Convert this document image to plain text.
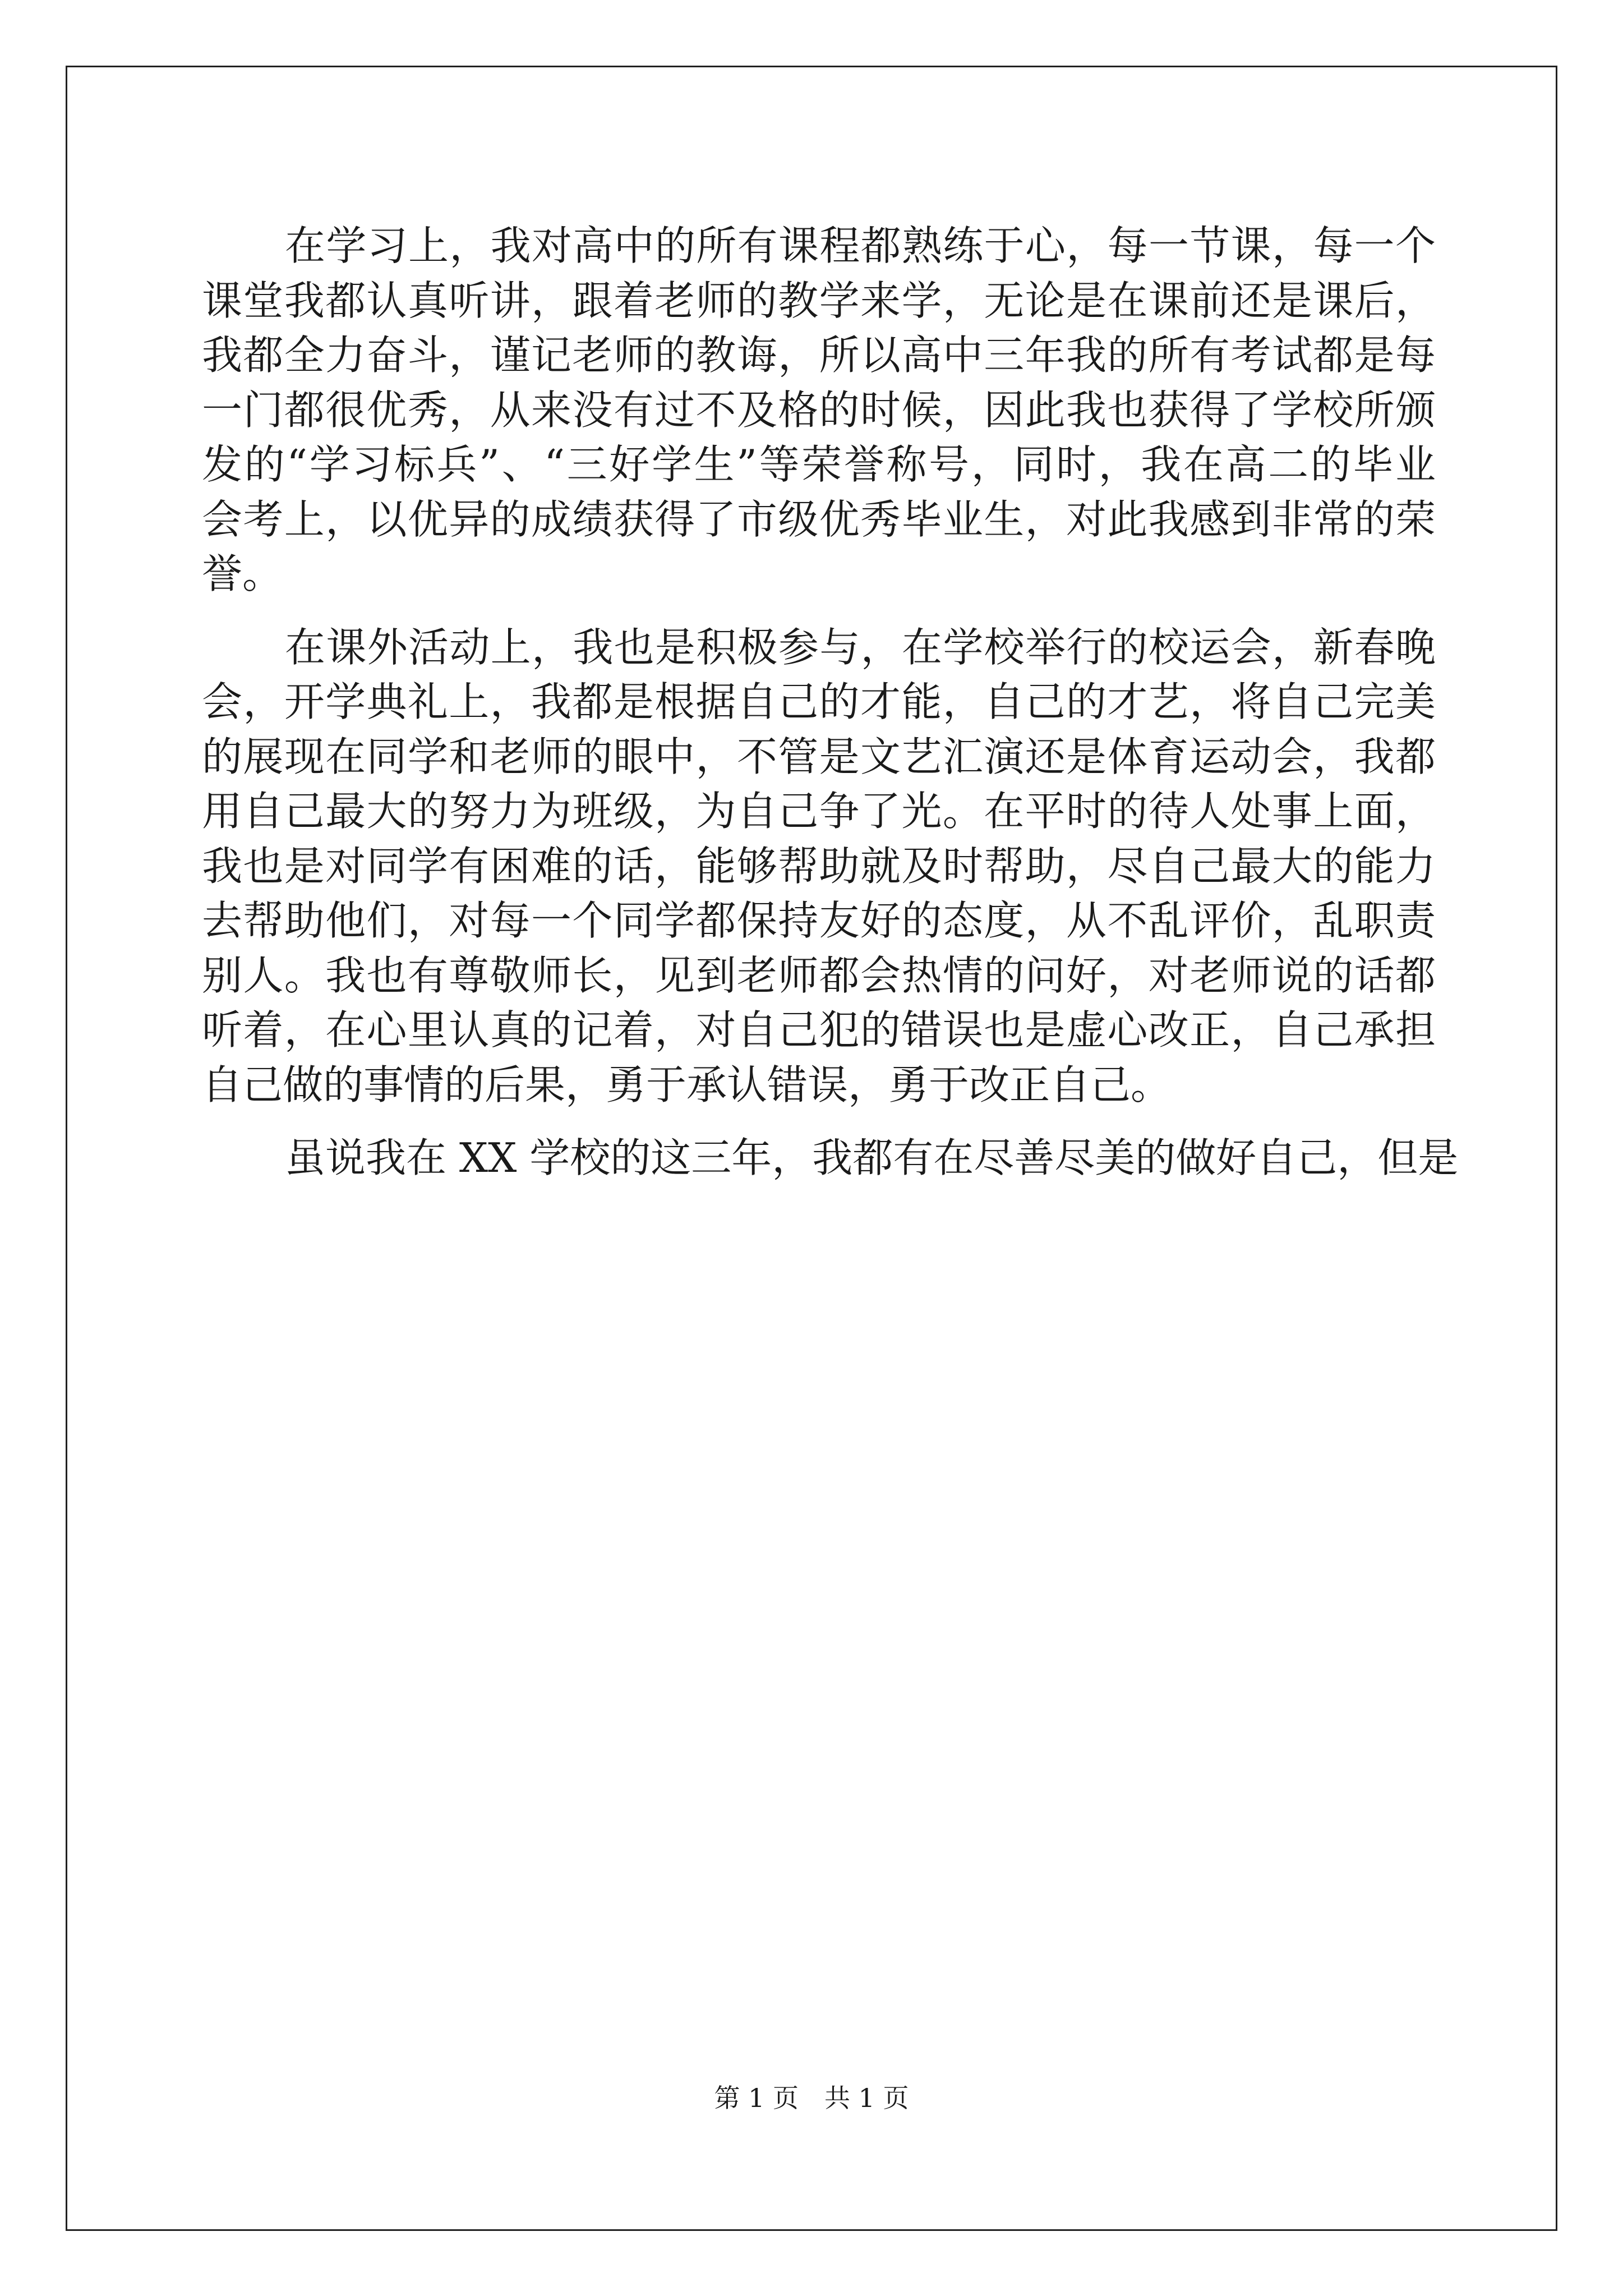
在学习上，我对高中的所有课程都熟练于心，每一节课，每一个
课堂我都认真听讲，跟着老师的教学来学，无论是在课前还是课后，
我都全力奋斗，谨记老师的教诲，所以高中三年我的所有考试都是每
一门都很优秀，从来没有过不及格的时候，因此我也获得了学校所颁
发的“学习标兵”、“三好学生”等荣誉称号，同时，我在高二的毕业
会考上，以优异的成绩获得了市级优秀毕业生，对此我感到非常的荣
誉。
在课外活动上，我也是积极参与，在学校举行的校运会，新春晚
会，开学典礼上，我都是根据自己的才能，自己的才艺，将自己完美
的展现在同学和老师的眼中，不管是文艺汇演还是体育运动会，我都
用自己最大的努力为班级，为自己争了光。在平时的待人处事上面，
我也是对同学有困难的话，能够帮助就及时帮助，尽自己最大的能力
去帮助他们，对每一个同学都保持友好的态度，从不乱评价，乱职责
别人。我也有尊敬师长，见到老师都会热情的问好，对老师说的话都
听着，在心里认真的记着，对自己犯的错误也是虚心改正，自己承担
自己做的事情的后果，勇于承认错误，勇于改正自己。
虽说我在 XX 学校的这三年，我都有在尽善尽美的做好自己，但是
第 1 页　共 1 页
